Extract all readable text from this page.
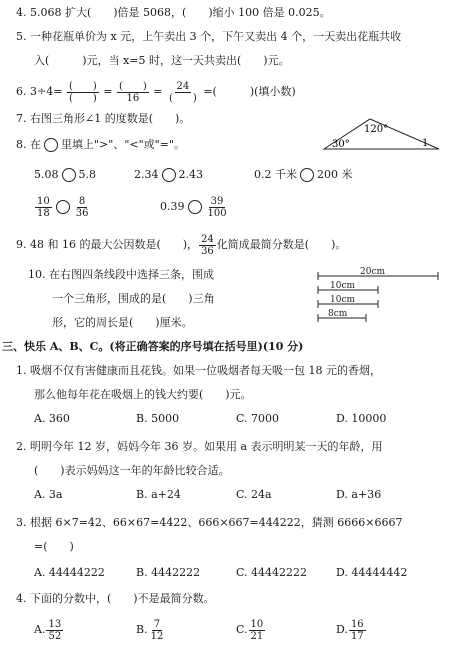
4. 5.068 扩大(　　)倍是 5068，(　　)缩小 100 倍是 0.025。
5. 一种花瓶单价为 x 元，上午卖出 3 个，下午又卖出 4 个，一天卖出花瓶共收
入(　　　)元，当 x=5 时，这一天共卖出(　　)元。
6. $3\div 4= \frac{( )}{( )} = \frac{( )}{16} = \frac{24}{( )}$ =(　　　)(填小数)
7. 右图三角形∠1 的度数是(　　)。
120°
30°	1
8. 在 里填上">"、"<"或"="。
5.08 5.8	2.34 2.43	0.2 千米 200 米
$\frac{10}{18} \frac{8}{36}$	$0.39 \frac{39}{100}$
9. 48 和 16 的最大公因数是(　　)， $\frac{24}{36}$ 化简成最简分数是(　　)。
10. 在右图四条线段中选择三条，围成
一个三角形，围成的是(　　)三角
形，它的周长是(　　)厘米。
20cm
10cm
10cm
8cm
三、快乐 A、B、C。(将正确答案的序号填在括号里)(10 分)
1. 吸烟不仅有害健康而且花钱。如果一位吸烟者每天吸一包 18 元的香烟，
那么他每年花在吸烟上的钱大约要(　　)元。
A. 360	B. 5000	C. 7000	D. 10000
2. 明明今年 12 岁，妈妈今年 36 岁。如果用 a 表示明明某一天的年龄，用
(　　)表示妈妈这一年的年龄比较合适。
A. 3a	B. a+24	C. 24a	D. a+36
3. 根据 6×7=42、66×67=4422、666×667=444222，猜测 6666×6667
=(　　)
A. 44444222	B. 4442222	C. 44442222	D. 44444442
4. 下面的分数中，(　　)不是最简分数。
A. $\frac{13}{52}$	B. $\frac{7}{12}$	C. $\frac{10}{21}$	D. $\frac{16}{17}$
